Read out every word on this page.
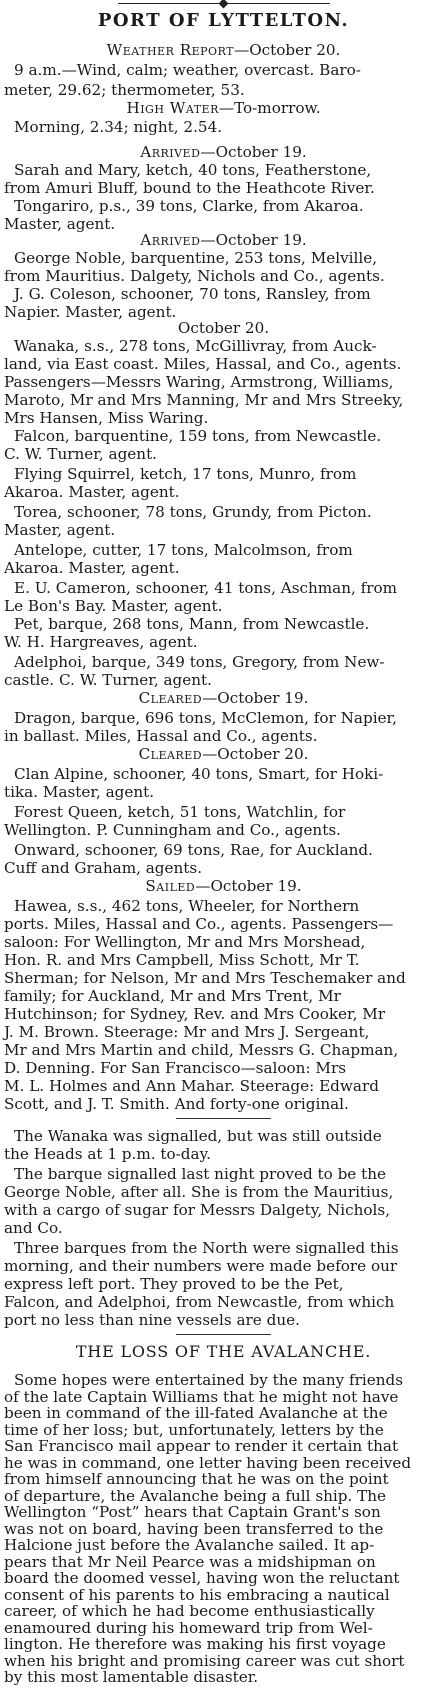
PORT OF LYTTELTON.
Weather Report—October 20.
9 a.m.—Wind, calm; weather, overcast. Baro-
meter, 29.62; thermometer, 53.
High Water—To-morrow.
Morning, 2.34; night, 2.54.
Arrived—October 19.
Sarah and Mary, ketch, 40 tons, Featherstone,
from Amuri Bluff, bound to the Heathcote River.
Tongariro, p.s., 39 tons, Clarke, from Akaroa.
Master, agent.
Arrived—October 19.
George Noble, barquentine, 253 tons, Melville,
from Mauritius. Dalgety, Nichols and Co., agents.
J. G. Coleson, schooner, 70 tons, Ransley, from
Napier. Master, agent.
October 20.
Wanaka, s.s., 278 tons, McGillivray, from Auck-
land, via East coast. Miles, Hassal, and Co., agents.
Passengers—Messrs Waring, Armstrong, Williams,
Maroto, Mr and Mrs Manning, Mr and Mrs Streeky,
Mrs Hansen, Miss Waring.
Falcon, barquentine, 159 tons, from Newcastle.
C. W. Turner, agent.
Flying Squirrel, ketch, 17 tons, Munro, from
Akaroa. Master, agent.
Torea, schooner, 78 tons, Grundy, from Picton.
Master, agent.
Antelope, cutter, 17 tons, Malcolmson, from
Akaroa. Master, agent.
E. U. Cameron, schooner, 41 tons, Aschman, from
Le Bon's Bay. Master, agent.
Pet, barque, 268 tons, Mann, from Newcastle.
W. H. Hargreaves, agent.
Adelphoi, barque, 349 tons, Gregory, from New-
castle. C. W. Turner, agent.
Cleared—October 19.
Dragon, barque, 696 tons, McClemon, for Napier,
in ballast. Miles, Hassal and Co., agents.
Cleared—October 20.
Clan Alpine, schooner, 40 tons, Smart, for Hoki-
tika. Master, agent.
Forest Queen, ketch, 51 tons, Watchlin, for
Wellington. P. Cunningham and Co., agents.
Onward, schooner, 69 tons, Rae, for Auckland.
Cuff and Graham, agents.
Sailed—October 19.
Hawea, s.s., 462 tons, Wheeler, for Northern
ports. Miles, Hassal and Co., agents. Passengers—
saloon: For Wellington, Mr and Mrs Morshead,
Hon. R. and Mrs Campbell, Miss Schott, Mr T.
Sherman; for Nelson, Mr and Mrs Teschemaker and
family; for Auckland, Mr and Mrs Trent, Mr
Hutchinson; for Sydney, Rev. and Mrs Cooker, Mr
J. M. Brown. Steerage: Mr and Mrs J. Sergeant,
Mr and Mrs Martin and child, Messrs G. Chapman,
D. Denning. For San Francisco—saloon: Mrs
M. L. Holmes and Ann Mahar. Steerage: Edward
Scott, and J. T. Smith. And forty-one original.
The Wanaka was signalled, but was still outside
the Heads at 1 p.m. to-day.
The barque signalled last night proved to be the
George Noble, after all. She is from the Mauritius,
with a cargo of sugar for Messrs Dalgety, Nichols,
and Co.
Three barques from the North were signalled this
morning, and their numbers were made before our
express left port. They proved to be the Pet,
Falcon, and Adelphoi, from Newcastle, from which
port no less than nine vessels are due.
THE LOSS OF THE AVALANCHE.
Some hopes were entertained by the many friends
of the late Captain Williams that he might not have
been in command of the ill-fated Avalanche at the
time of her loss; but, unfortunately, letters by the
San Francisco mail appear to render it certain that
he was in command, one letter having been received
from himself announcing that he was on the point
of departure, the Avalanche being a full ship. The
Wellington “Post” hears that Captain Grant's son
was not on board, having been transferred to the
Halcione just before the Avalanche sailed. It ap-
pears that Mr Neil Pearce was a midshipman on
board the doomed vessel, having won the reluctant
consent of his parents to his embracing a nautical
career, of which he had become enthusiastically
enamoured during his homeward trip from Wel-
lington. He therefore was making his first voyage
when his bright and promising career was cut short
by this most lamentable disaster.
